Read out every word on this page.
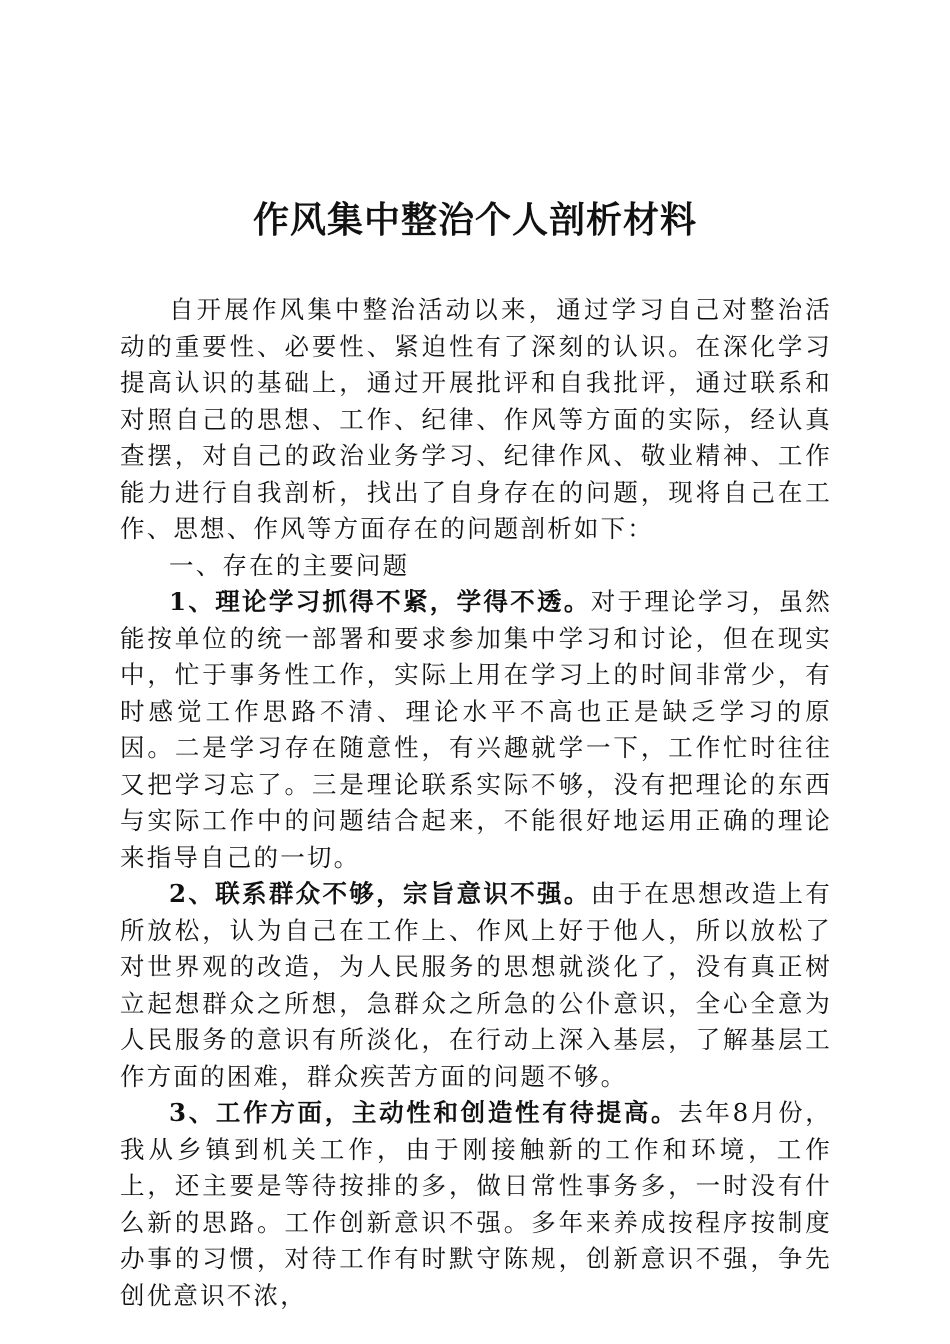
作风集中整治个人剖析材料

自开展作风集中整治活动以来，通过学习自己对整治活动的重要性、必要性、紧迫性有了深刻的认识。在深化学习提高认识的基础上，通过开展批评和自我批评，通过联系和对照自己的思想、工作、纪律、作风等方面的实际，经认真查摆，对自己的政治业务学习、纪律作风、敬业精神、工作能力进行自我剖析，找出了自身存在的问题，现将自己在工作、思想、作风等方面存在的问题剖析如下：

一、存在的主要问题

1、理论学习抓得不紧，学得不透。对于理论学习，虽然能按单位的统一部署和要求参加集中学习和讨论，但在现实中，忙于事务性工作，实际上用在学习上的时间非常少，有时感觉工作思路不清、理论水平不高也正是缺乏学习的原因。二是学习存在随意性，有兴趣就学一下，工作忙时往往又把学习忘了。三是理论联系实际不够，没有把理论的东西与实际工作中的问题结合起来，不能很好地运用正确的理论来指导自己的一切。

2、联系群众不够，宗旨意识不强。由于在思想改造上有所放松，认为自己在工作上、作风上好于他人，所以放松了对世界观的改造，为人民服务的思想就淡化了，没有真正树立起想群众之所想，急群众之所急的公仆意识，全心全意为人民服务的意识有所淡化，在行动上深入基层，了解基层工作方面的困难，群众疾苦方面的问题不够。

3、工作方面，主动性和创造性有待提高。去年8月份，我从乡镇到机关工作，由于刚接触新的工作和环境，工作上，还主要是等待按排的多，做日常性事务多，一时没有什么新的思路。工作创新意识不强。多年来养成按程序按制度办事的习惯，对待工作有时默守陈规，创新意识不强，争先创优意识不浓，
